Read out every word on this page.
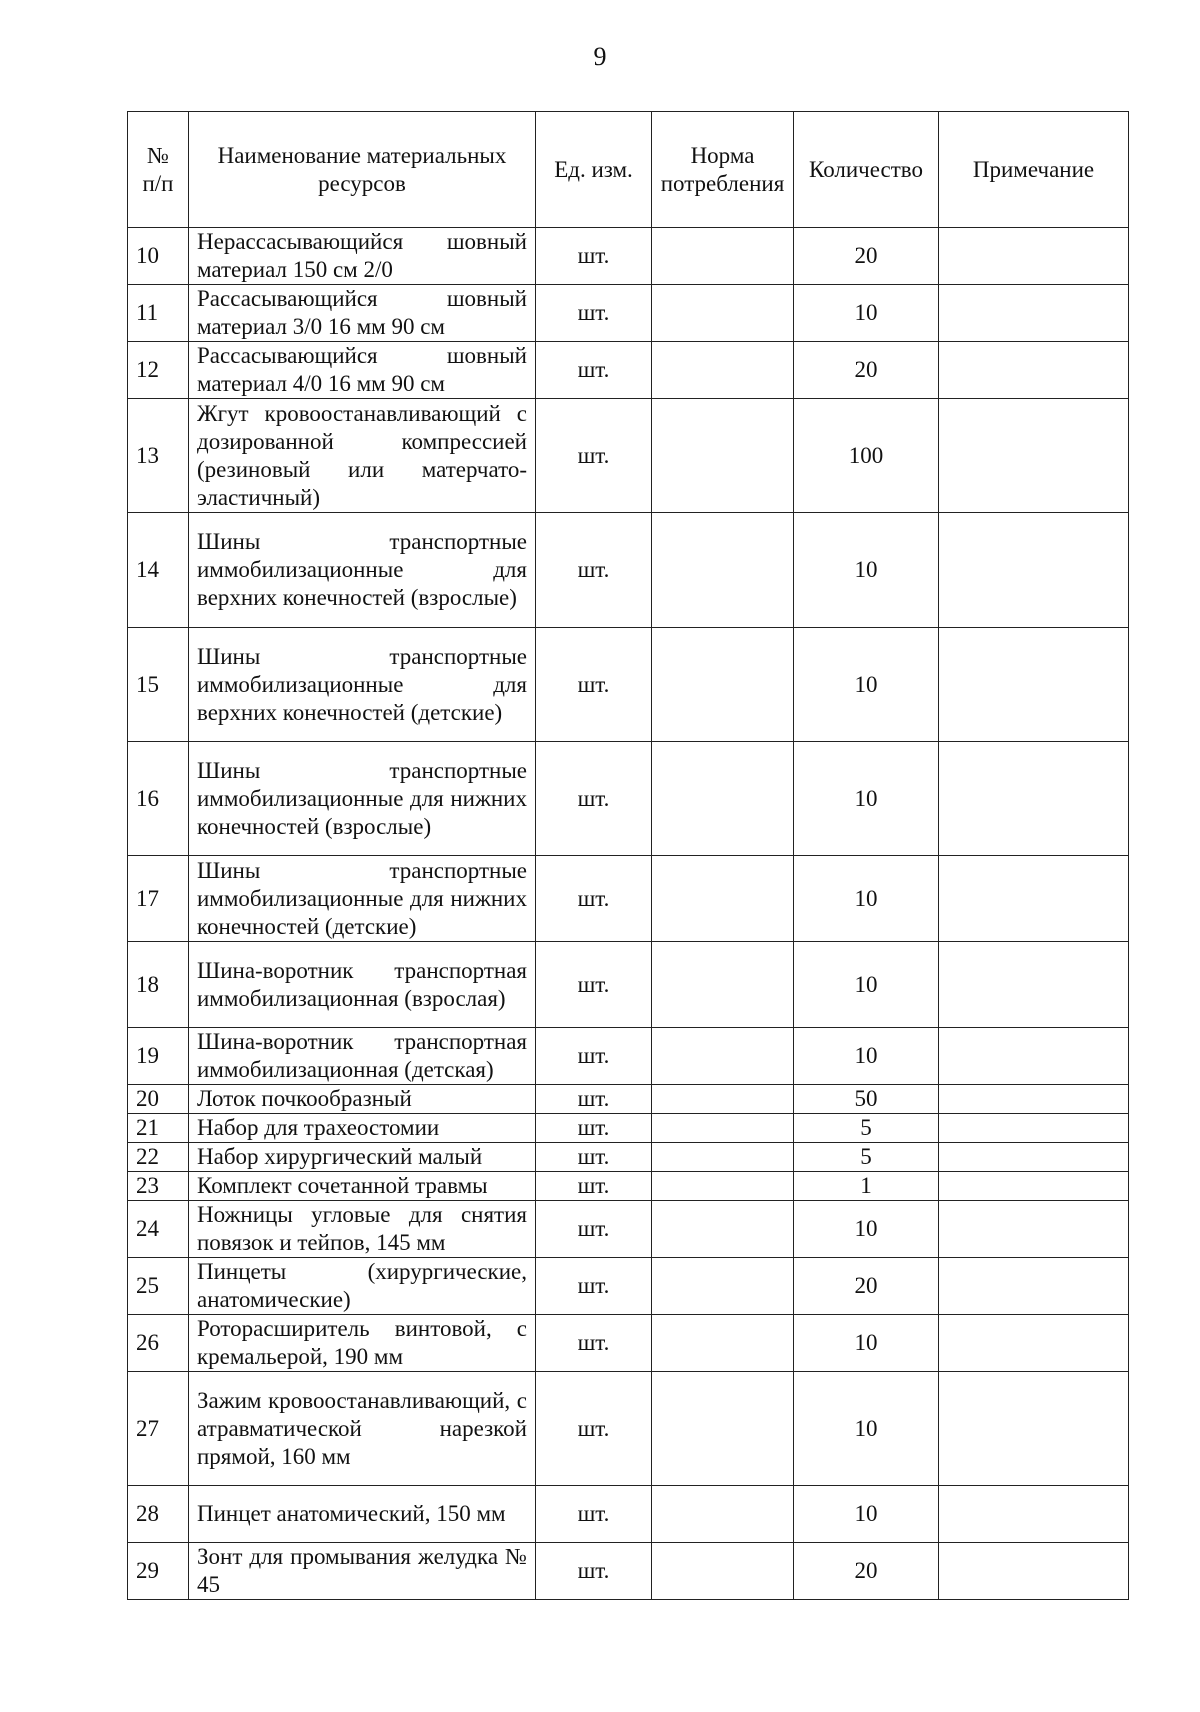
9
№ п/п	Наименование материальных ресурсов	Ед. изм.	Норма потребления	Количество	Примечание
10	Нерассасывающийся шовный материал 150 см 2/0	шт.		20	
11	Рассасывающийся шовный материал 3/0 16 мм 90 см	шт.		10	
12	Рассасывающийся шовный материал 4/0 16 мм 90 см	шт.		20	
13	Жгут кровоостанавливающий с дозированной компрессией (резиновый или матерчато-эластичный)	шт.		100	
14	Шины транспортные иммобилизационные для верхних конечностей (взрослые)	шт.		10	
15	Шины транспортные иммобилизационные для верхних конечностей (детские)	шт.		10	
16	Шины транспортные иммобилизационные для нижних конечностей (взрослые)	шт.		10	
17	Шины транспортные иммобилизационные для нижних конечностей (детские)	шт.		10	
18	Шина-воротник транспортная иммобилизационная (взрослая)	шт.		10	
19	Шина-воротник транспортная иммобилизационная (детская)	шт.		10	
20	Лоток почкообразный	шт.		50	
21	Набор для трахеостомии	шт.		5	
22	Набор хирургический малый	шт.		5	
23	Комплект сочетанной травмы	шт.		1	
24	Ножницы угловые для снятия повязок и тейпов, 145 мм	шт.		10	
25	Пинцеты (хирургические, анатомические)	шт.		20	
26	Роторасширитель винтовой, с кремальерой, 190 мм	шт.		10	
27	Зажим кровоостанавливающий, с атравматической нарезкой прямой, 160 мм	шт.		10	
28	Пинцет анатомический, 150 мм	шт.		10	
29	Зонт для промывания желудка № 45	шт.		20	
